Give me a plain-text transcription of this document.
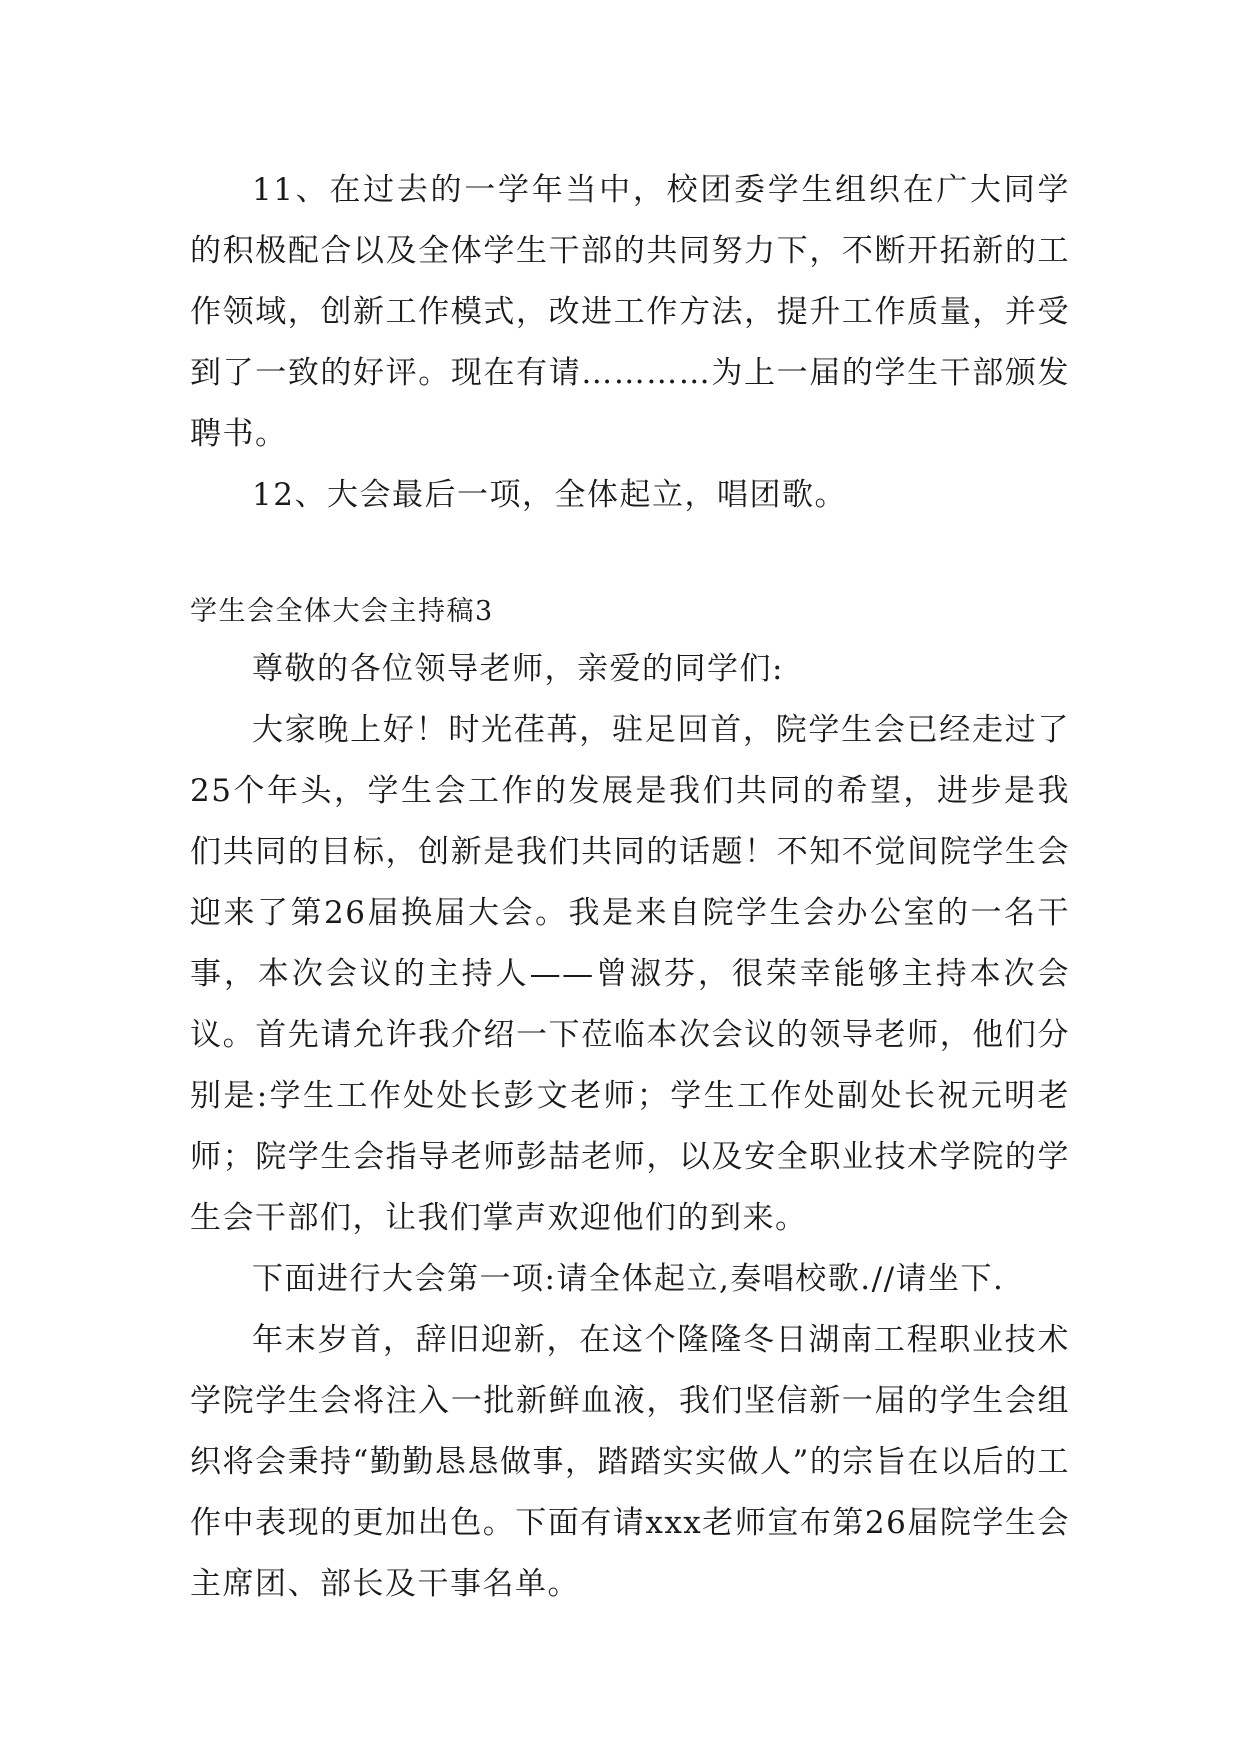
11、在过去的一学年当中，校团委学生组织在广大同学的积极配合以及全体学生干部的共同努力下，不断开拓新的工作领域，创新工作模式，改进工作方法，提升工作质量，并受到了一致的好评。现在有请…………为上一届的学生干部颁发聘书。

12、大会最后一项，全体起立，唱团歌。

学生会全体大会主持稿3

尊敬的各位领导老师，亲爱的同学们:

大家晚上好！时光荏苒，驻足回首，院学生会已经走过了25个年头，学生会工作的发展是我们共同的希望，进步是我们共同的目标，创新是我们共同的话题！不知不觉间院学生会迎来了第26届换届大会。我是来自院学生会办公室的一名干事，本次会议的主持人——曾淑芬，很荣幸能够主持本次会议。首先请允许我介绍一下莅临本次会议的领导老师，他们分别是:学生工作处处长彭文老师；学生工作处副处长祝元明老师；院学生会指导老师彭喆老师，以及安全职业技术学院的学生会干部们，让我们掌声欢迎他们的到来。

下面进行大会第一项:请全体起立,奏唱校歌.//请坐下.

年末岁首，辞旧迎新，在这个隆隆冬日湖南工程职业技术学院学生会将注入一批新鲜血液，我们坚信新一届的学生会组织将会秉持“勤勤恳恳做事，踏踏实实做人”的宗旨在以后的工作中表现的更加出色。下面有请xxx老师宣布第26届院学生会主席团、部长及干事名单。
